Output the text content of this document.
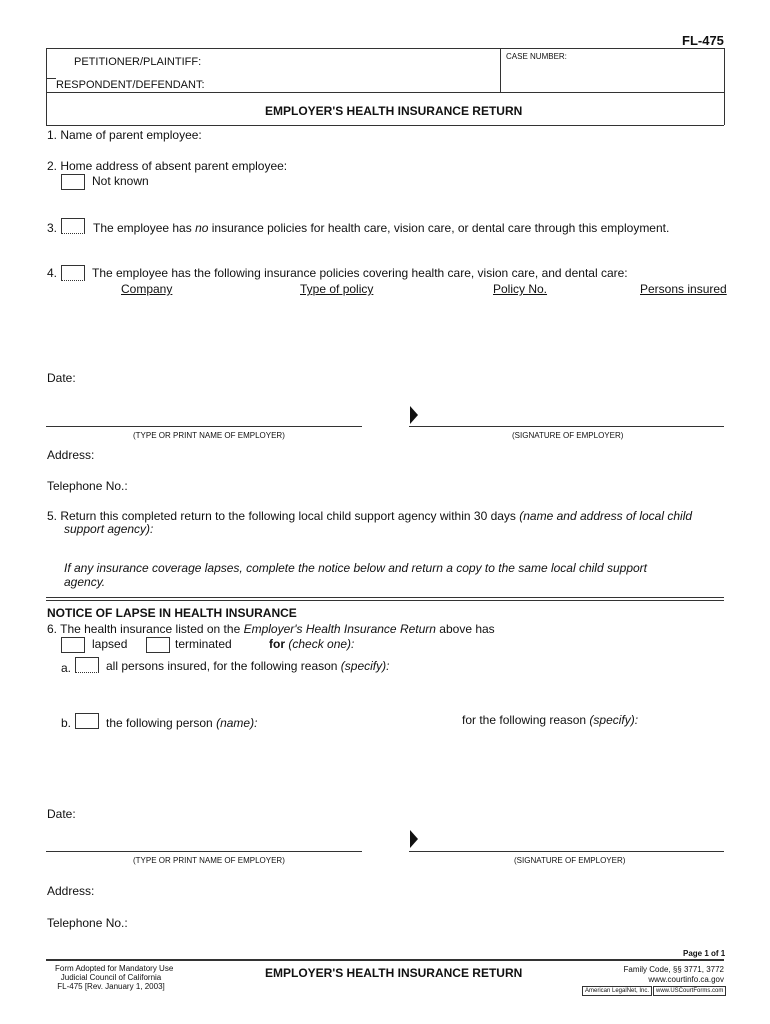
FL-475
PETITIONER/PLAINTIFF:
RESPONDENT/DEFENDANT:
CASE NUMBER:
EMPLOYER'S HEALTH INSURANCE RETURN
1. Name of parent employee:
2. Home address of absent parent employee:
Not known
3.	The employee has no insurance policies for health care, vision care, or dental care through this employment.
4.	The employee has the following insurance policies covering health care, vision care, and dental care:
Company	Type of policy	Policy No.	Persons insured
Date:
(TYPE OR PRINT NAME OF EMPLOYER)	(SIGNATURE OF EMPLOYER)
Address:
Telephone No.:
5. Return this completed return to the following local child support agency within 30 days (name and address of local child
support agency):
If any insurance coverage lapses, complete the notice below and return a copy to the same local child support
agency.
NOTICE OF LAPSE IN HEALTH INSURANCE
6. The health insurance listed on the Employer's Health Insurance Return above has
lapsed	terminated	for (check one):
a.	all persons insured, for the following reason (specify):
b.	the following person (name):	for the following reason (specify):
Date:
(TYPE OR PRINT NAME OF EMPLOYER)	(SIGNATURE OF EMPLOYER)
Address:
Telephone No.:
Page 1 of 1
Form Adopted for Mandatory Use
Judicial Council of California
FL-475 [Rev. January 1, 2003]
EMPLOYER'S HEALTH INSURANCE RETURN	Family Code, §§ 3771, 3772
www.courtinfo.ca.gov
American LegalNet, Inc.	www.USCourtForms.com
